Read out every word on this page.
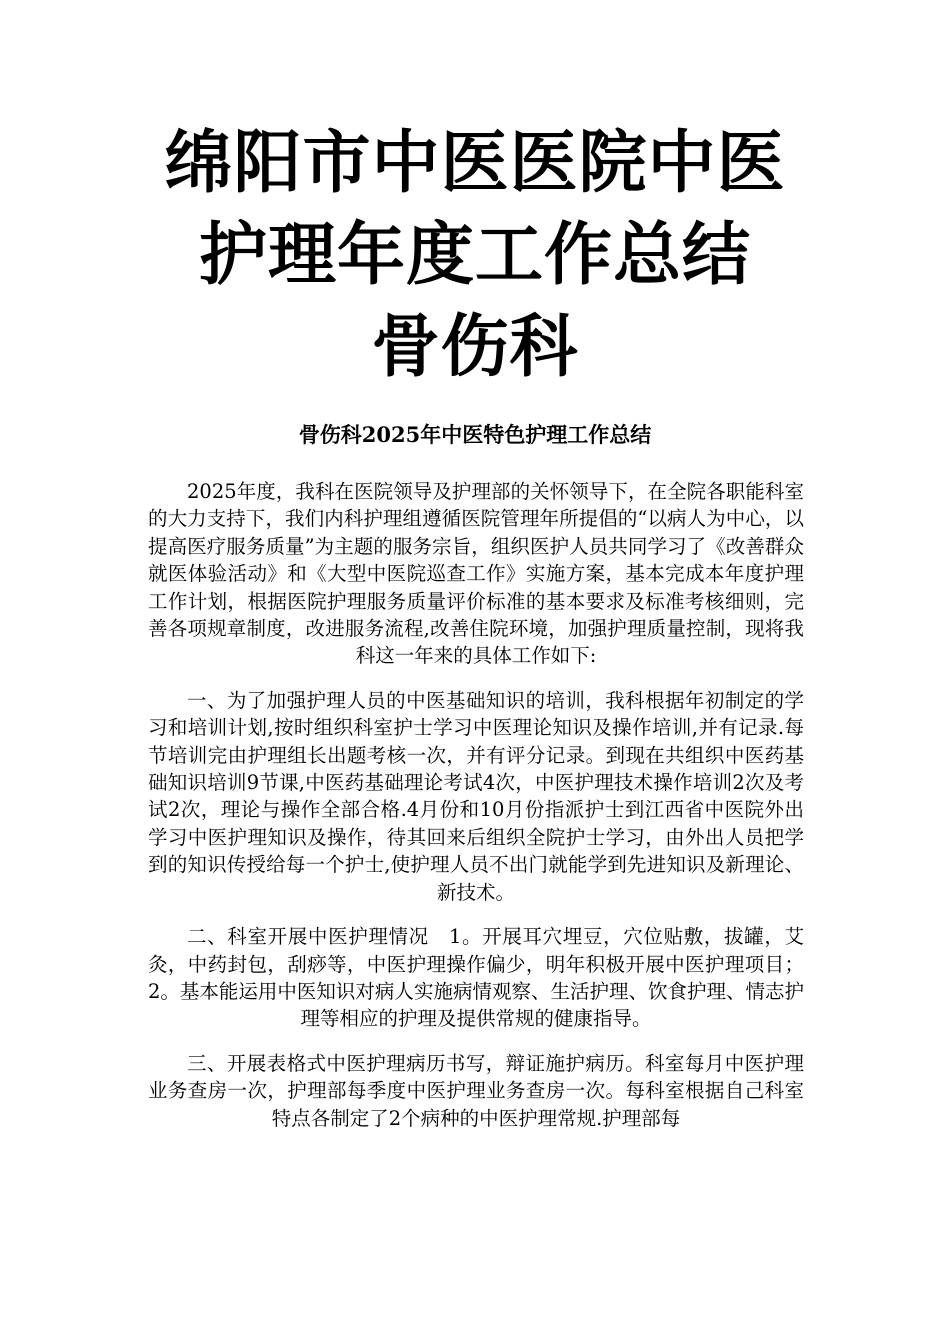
绵阳市中医医院中医
护理年度工作总结
骨伤科
骨伤科2025年中医特色护理工作总结

2025年度，我科在医院领导及护理部的关怀领导下，在全院各职能科室的大力支持下，我们内科护理组遵循医院管理年所提倡的“以病人为中心，以提高医疗服务质量”为主题的服务宗旨，组织医护人员共同学习了《改善群众就医体验活动》和《大型中医院巡查工作》实施方案，基本完成本年度护理工作计划，根据医院护理服务质量评价标准的基本要求及标准考核细则，完善各项规章制度，改进服务流程,改善住院环境，加强护理质量控制，现将我科这一年来的具体工作如下:

一、为了加强护理人员的中医基础知识的培训，我科根据年初制定的学习和培训计划,按时组织科室护士学习中医理论知识及操作培训,并有记录.每节培训完由护理组长出题考核一次，并有评分记录。到现在共组织中医药基础知识培训9节课,中医药基础理论考试4次，中医护理技术操作培训2次及考试2次，理论与操作全部合格.4月份和10月份指派护士到江西省中医院外出学习中医护理知识及操作，待其回来后组织全院护士学习，由外出人员把学到的知识传授给每一个护士,使护理人员不出门就能学到先进知识及新理论、新技术。

二、科室开展中医护理情况　1。开展耳穴埋豆，穴位贴敷，拔罐，艾灸，中药封包，刮痧等，中医护理操作偏少，明年积极开展中医护理项目；2。基本能运用中医知识对病人实施病情观察、生活护理、饮食护理、情志护理等相应的护理及提供常规的健康指导。

三、开展表格式中医护理病历书写，辩证施护病历。科室每月中医护理业务查房一次，护理部每季度中医护理业务查房一次。每科室根据自己科室特点各制定了2个病种的中医护理常规.护理部每
